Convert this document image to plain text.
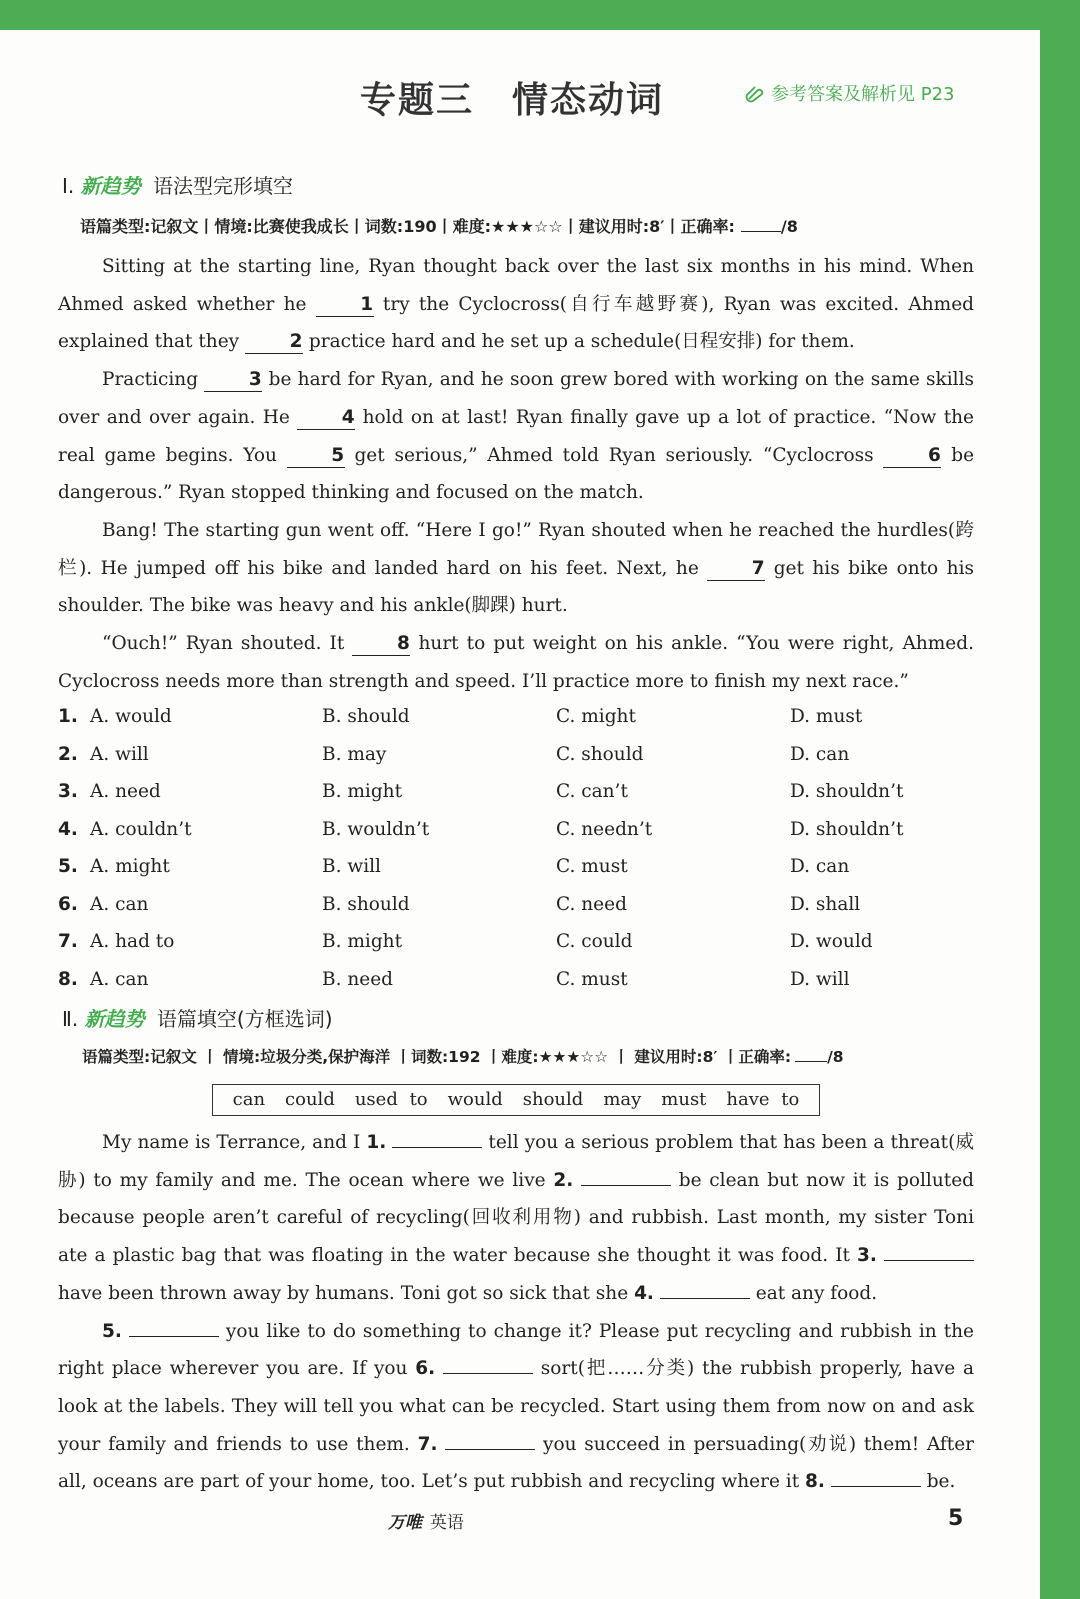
专题三　情态动词	参考答案及解析见 P23
Ⅰ. 新趋势 语法型完形填空
语篇类型:记叙文丨情境:比赛使我成长丨词数:190丨难度:★★★☆☆丨建议用时:8′丨正确率:	/8

Sitting at the starting line, Ryan thought back over the last six months in his mind. When Ahmed asked whether he 1 try the Cyclocross(自行车越野赛), Ryan was excited. Ahmed explained that they 2 practice hard and he set up a schedule(日程安排) for them.

Practicing 3 be hard for Ryan, and he soon grew bored with working on the same skills over and over again. He 4 hold on at last! Ryan finally gave up a lot of practice. “Now the real game begins. You 5 get serious,” Ahmed told Ryan seriously. “Cyclocross 6 be dangerous.” Ryan stopped thinking and focused on the match.

Bang! The starting gun went off. “Here I go!” Ryan shouted when he reached the hurdles(跨栏). He jumped off his bike and landed hard on his feet. Next, he 7 get his bike onto his shoulder. The bike was heavy and his ankle(脚踝) hurt.

“Ouch!” Ryan shouted. It 8 hurt to put weight on his ankle. “You were right, Ahmed. Cyclocross needs more than strength and speed. I’ll practice more to finish my next race.”

1. A. would	B. should	C. might	D. must
2. A. will	B. may	C. should	D. can
3. A. need	B. might	C. can’t	D. shouldn’t
4. A. couldn’t	B. wouldn’t	C. needn’t	D. shouldn’t
5. A. might	B. will	C. must	D. can
6. A. can	B. should	C. need	D. shall
7. A. had to	B. might	C. could	D. would
8. A. can	B. need	C. must	D. will
Ⅱ. 新趋势 语篇填空(方框选词)
语篇类型:记叙文 丨 情境:垃圾分类,保护海洋 丨词数:192 丨难度:★★★☆☆ 丨 建议用时:8′ 丨正确率: /8
can could used to would should may must have to

My name is Terrance, and I 1.	tell you a serious problem that has been a threat(威胁) to my family and me. The ocean where we live 2.	be clean but now it is polluted because people aren’t careful of recycling(回收利用物) and rubbish. Last month, my sister Toni ate a plastic bag that was floating in the water because she thought it was food. It 3.  have been thrown away by humans. Toni got so sick that she 4.	eat any food.

5.	you like to do something to change it? Please put recycling and rubbish in the right place wherever you are. If you 6.	sort(把……分类) the rubbish properly, have a look at the labels. They will tell you what can be recycled. Start using them from now on and ask your family and friends to use them. 7.	you succeed in persuading(劝说) them! After all, oceans are part of your home, too. Let’s put rubbish and recycling where it 8.	be.

万唯 英语	5
